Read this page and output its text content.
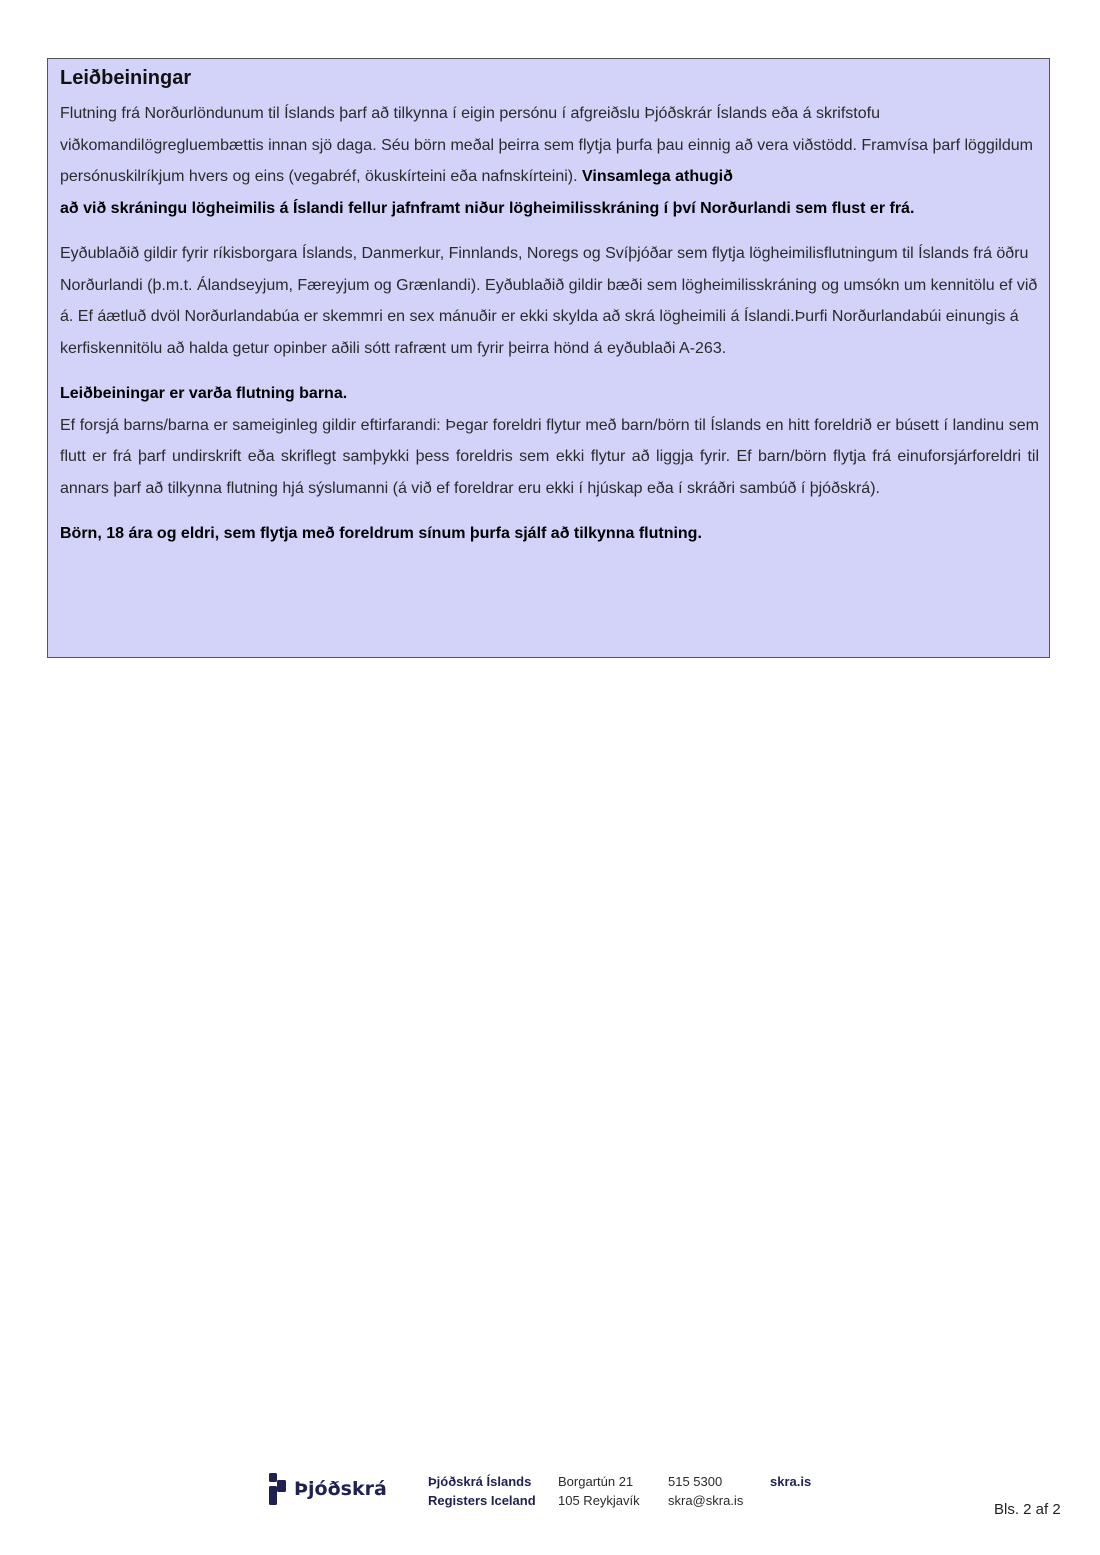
Leiðbeiningar

Flutning frá Norðurlöndunum til Íslands þarf að tilkynna í eigin persónu í afgreiðslu Þjóðskrár Íslands eða á skrifstofu viðkomandilögregluembættis innan sjö daga. Séu börn meðal þeirra sem flytja þurfa þau einnig að vera viðstödd. Framvísa þarf löggildum persónuskilríkjum hvers og eins (vegabréf, ökuskírteini eða nafnskírteini). Vinsamlega athugið
að við skráningu lögheimilis á Íslandi fellur jafnframt niður lögheimilisskráning í því Norðurlandi sem flust er frá.

Eyðublaðið gildir fyrir ríkisborgara Íslands, Danmerkur, Finnlands, Noregs og Svíþjóðar sem flytja lögheimilisflutningum til Íslands frá öðru Norðurlandi (þ.m.t. Álandseyjum, Færeyjum og Grænlandi). Eyðublaðið gildir bæði sem lögheimilisskráning og umsókn um kennitölu ef við á. Ef áætluð dvöl Norðurlandabúa er skemmri en sex mánuðir er ekki skylda að skrá lögheimili á Íslandi.Þurfi Norðurlandabúi einungis á kerfiskennitölu að halda getur opinber aðili sótt rafrænt um fyrir þeirra hönd á eyðublaði A-263.

Leiðbeiningar er varða flutning barna.

Ef forsjá barns/barna er sameiginleg gildir eftirfarandi: Þegar foreldri flytur með barn/börn til Íslands en hitt foreldrið er búsett í landinu sem flutt er frá þarf undirskrift eða skriflegt samþykki þess foreldris sem ekki flytur að liggja fyrir. Ef barn/börn flytja frá einuforsjárforeldri til annars þarf að tilkynna flutning hjá sýslumanni (á við ef foreldrar eru ekki í hjúskap eða í skráðri sambúð í þjóðskrá).

Börn, 18 ára og eldri, sem flytja með foreldrum sínum þurfa sjálf að tilkynna flutning.

Þjóðskrá	Þjóðskrá Íslands
Registers Iceland
Borgartún 21
105 Reykjavík
515 5300
skra@skra.is
skra.is
Bls. 2 af 2
